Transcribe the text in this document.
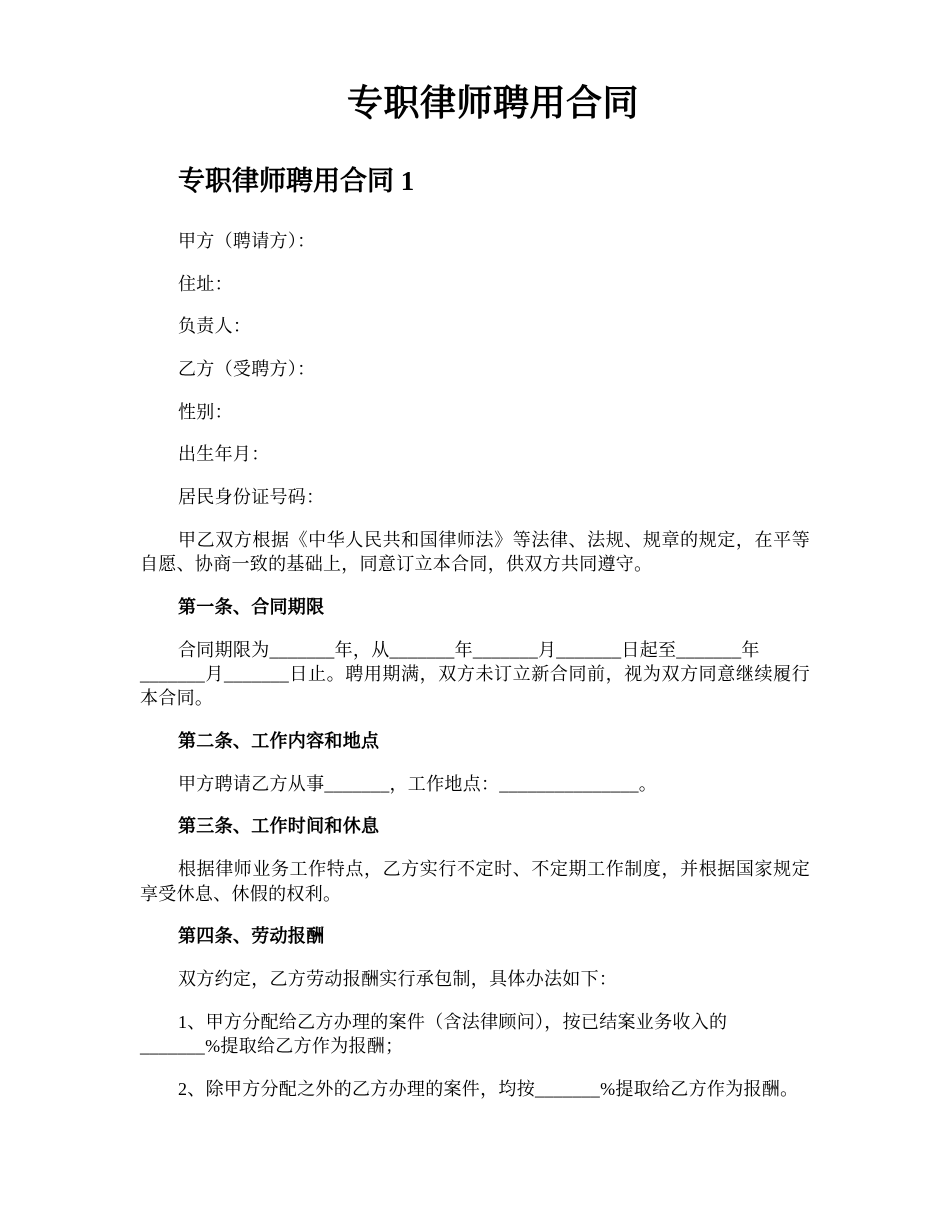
专职律师聘用合同
专职律师聘用合同 1
甲方（聘请方）：
住址：
负责人：
乙方（受聘方）：
性别：
出生年月：
居民身份证号码：
甲乙双方根据《中华人民共和国律师法》等法律、法规、规章的规定，在平等
自愿、协商一致的基础上，同意订立本合同，供双方共同遵守。
第一条、合同期限
合同期限为_______年，从_______年_______月_______日起至_______年
_______月_______日止。聘用期满，双方未订立新合同前，视为双方同意继续履行
本合同。
第二条、工作内容和地点
甲方聘请乙方从事_______，工作地点：_______________。
第三条、工作时间和休息
根据律师业务工作特点，乙方实行不定时、不定期工作制度，并根据国家规定
享受休息、休假的权利。
第四条、劳动报酬
双方约定，乙方劳动报酬实行承包制，具体办法如下：
1、甲方分配给乙方办理的案件（含法律顾问），按已结案业务收入的
_______%提取给乙方作为报酬；
2、除甲方分配之外的乙方办理的案件，均按_______%提取给乙方作为报酬。
